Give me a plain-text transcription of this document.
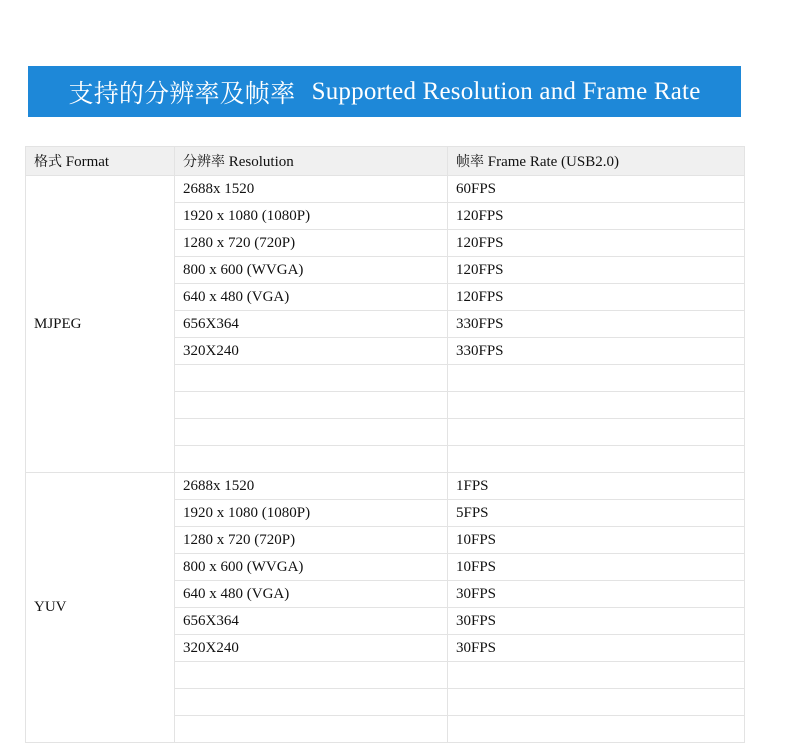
支持的分辨率及帧率
Supported Resolution and Frame Rate
格式 Format	分辨率 Resolution	帧率 Frame Rate (USB2.0)
MJPEG	2688x 1520	60FPS
	1920 x 1080 (1080P)	120FPS
	1280 x 720 (720P)	120FPS
	800 x 600 (WVGA)	120FPS
	640 x 480 (VGA)	120FPS
	656X364	330FPS
	320X240	330FPS

YUV	2688x 1520	1FPS
	1920 x 1080 (1080P)	5FPS
	1280 x 720 (720P)	10FPS
	800 x 600 (WVGA)	10FPS
	640 x 480 (VGA)	30FPS
	656X364	30FPS
	320X240	30FPS
